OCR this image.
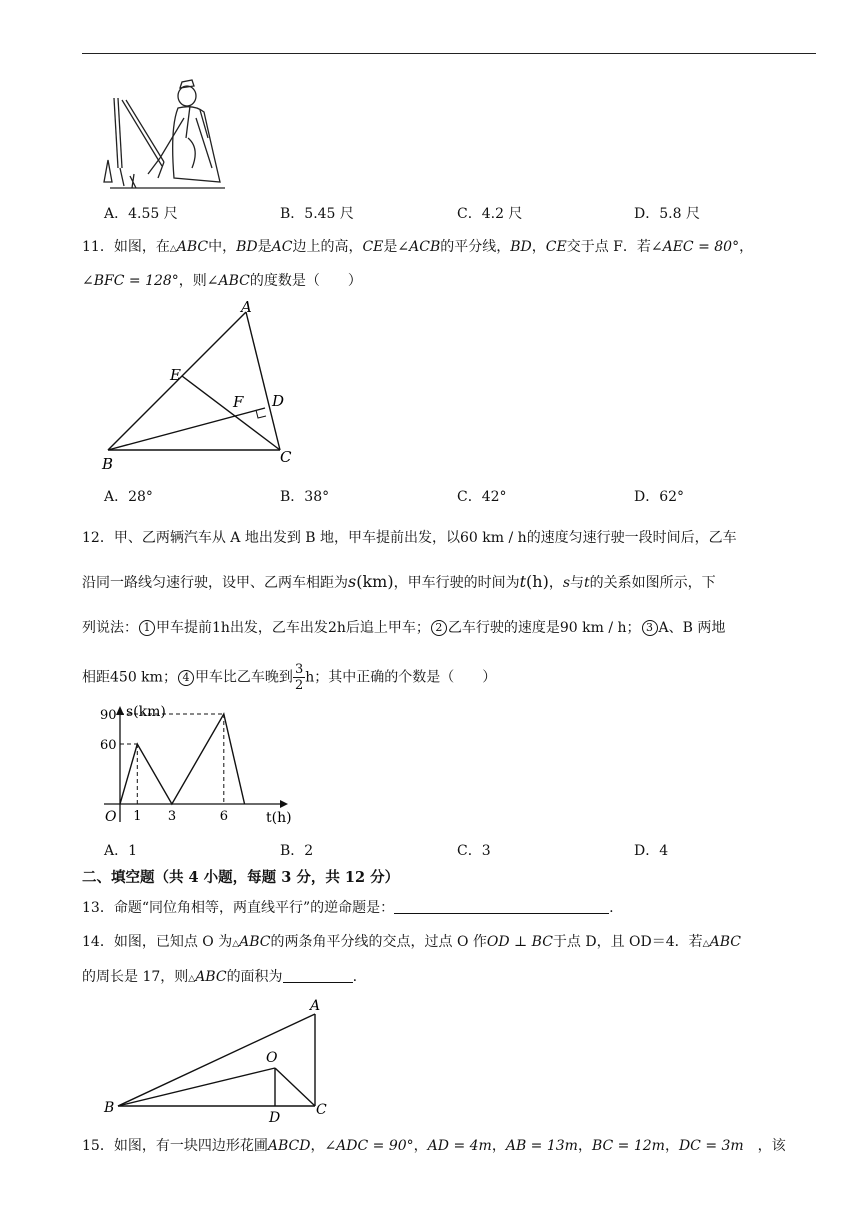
A．4.55 尺	B．5.45 尺	C．4.2 尺	D．5.8 尺
11．如图，在△ABC中，BD是AC边上的高，CE是∠ACB的平分线，BD，CE交于点 F．若∠AEC = 80°，
∠BFC = 128°，则∠ABC的度数是（　　）
A
E
F D
B	C
A．28°	B．38°	C．42°	D．62°
12．甲、乙两辆汽车从 A 地出发到 B 地，甲车提前出发，以60 km / h的速度匀速行驶一段时间后，乙车
沿同一路线匀速行驶，设甲、乙两车相距为s(km)，甲车行驶的时间为t(h)，s与t的关系如图所示，下
列说法： 1 甲车提前1h出发，乙车出发2h后追上甲车； 2 乙车行驶的速度是90 km / h； 3 A、B 两地
相距450 km； 4 甲车比乙车晚到 $\frac{3}{2}$ h；其中正确的个数是（　　）
90
60
1 3	6
s(km)
t(h)
O
A．1	B．2	C．3	D．4
二、填空题（共 4 小题，每题 3 分，共 12 分）
13．命题“同位角相等，两直线平行”的逆命题是：	.
14．如图，已知点 O 为△ABC的两条角平分线的交点，过点 O 作OD ⊥ BC于点 D，且 OD＝4．若△ABC
的周长是 17，则△ABC的面积为	.
A
O
B
D	C
15．如图，有一块四边形花圃ABCD，∠ADC = 90°，AD = 4m，AB = 13m，BC = 12m，DC = 3m　，该
